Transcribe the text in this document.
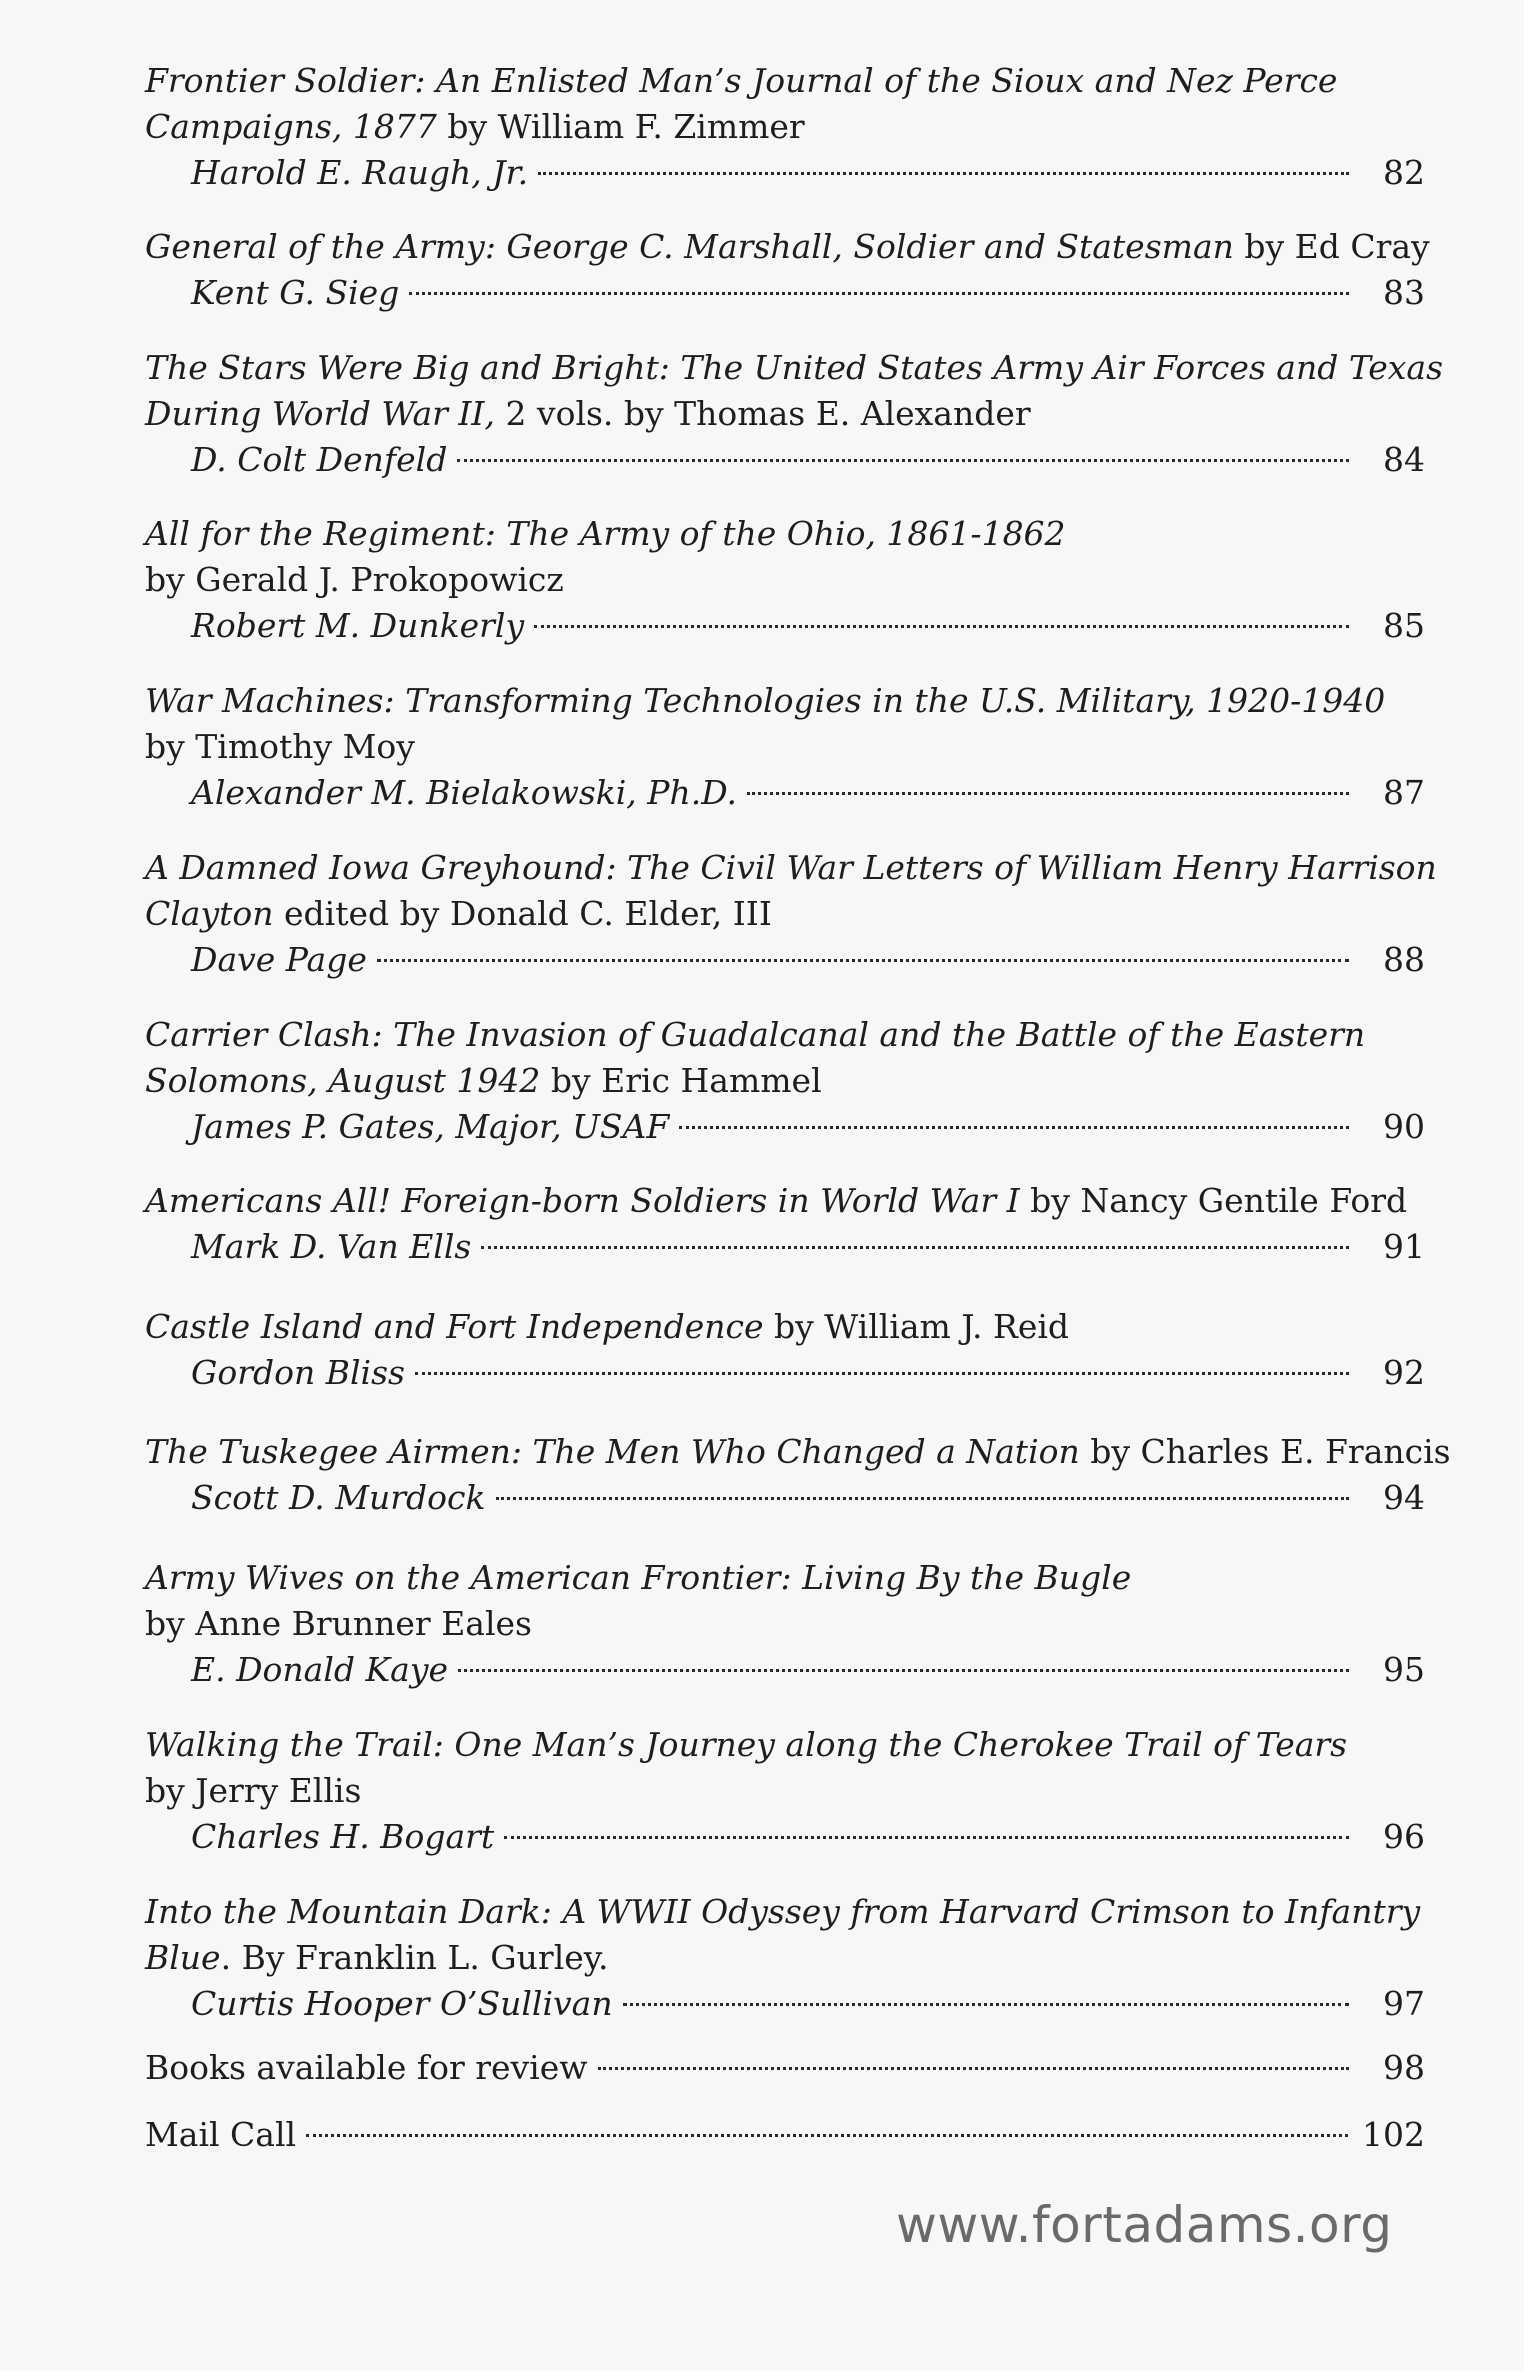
Frontier Soldier: An Enlisted Man’s Journal of the Sioux and Nez Perce
Campaigns, 1877 by William F. Zimmer
Harold E. Raugh, Jr.	82
General of the Army: George C. Marshall, Soldier and Statesman by Ed Cray
Kent G. Sieg	83
The Stars Were Big and Bright: The United States Army Air Forces and Texas
During World War II, 2 vols. by Thomas E. Alexander
D. Colt Denfeld	84
All for the Regiment: The Army of the Ohio, 1861-1862
by Gerald J. Prokopowicz
Robert M. Dunkerly	85
War Machines: Transforming Technologies in the U.S. Military, 1920-1940
by Timothy Moy
Alexander M. Bielakowski, Ph.D.	87
A Damned Iowa Greyhound: The Civil War Letters of William Henry Harrison
Clayton edited by Donald C. Elder, III
Dave Page	88
Carrier Clash: The Invasion of Guadalcanal and the Battle of the Eastern
Solomons, August 1942 by Eric Hammel
James P. Gates, Major, USAF	90
Americans All! Foreign-born Soldiers in World War I by Nancy Gentile Ford
Mark D. Van Ells	91
Castle Island and Fort Independence by William J. Reid
Gordon Bliss	92
The Tuskegee Airmen: The Men Who Changed a Nation by Charles E. Francis
Scott D. Murdock	94
Army Wives on the American Frontier: Living By the Bugle
by Anne Brunner Eales
E. Donald Kaye	95
Walking the Trail: One Man’s Journey along the Cherokee Trail of Tears
by Jerry Ellis
Charles H. Bogart	96
Into the Mountain Dark: A WWII Odyssey from Harvard Crimson to Infantry
Blue. By Franklin L. Gurley.
Curtis Hooper O’Sullivan	97
Books available for review	98
Mail Call	102
www.fortadams.org
